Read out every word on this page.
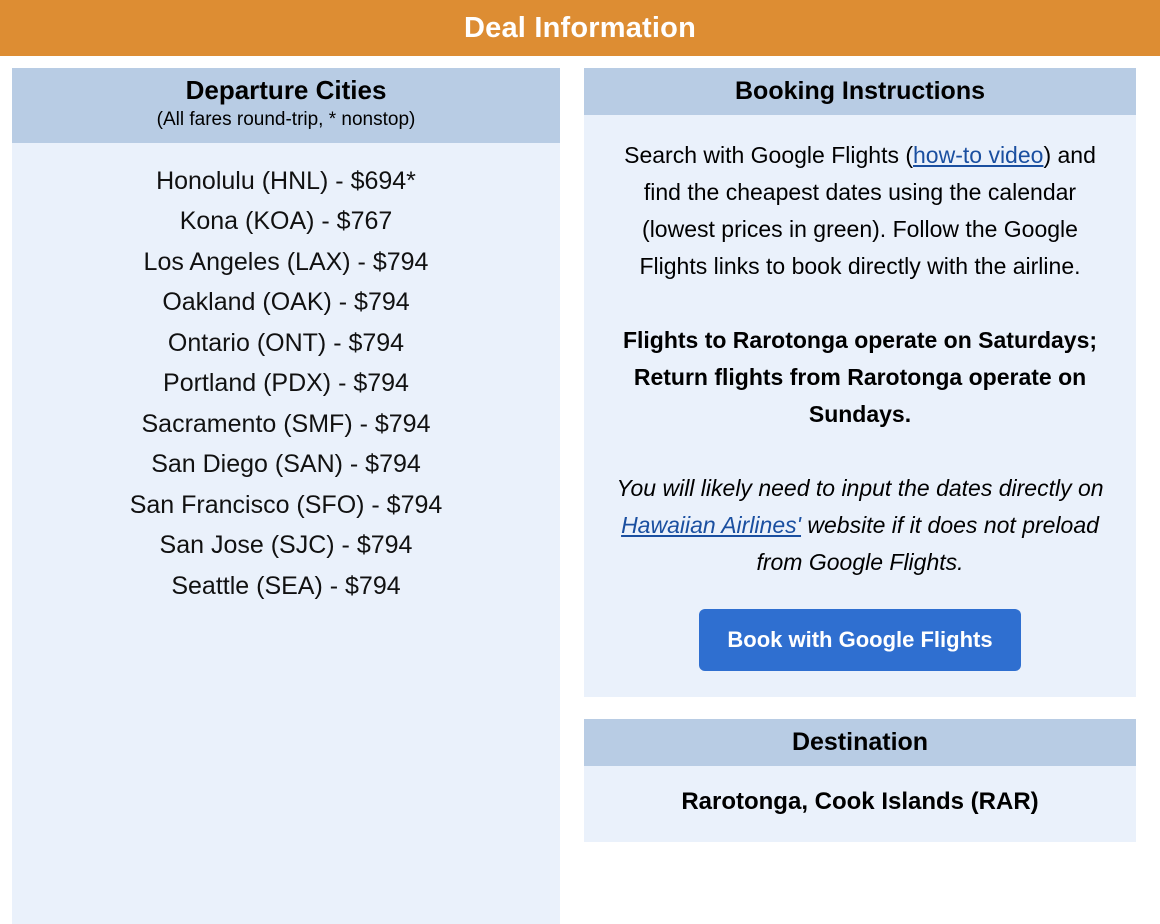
Deal Information
Departure Cities
(All fares round-trip, * nonstop)
Honolulu (HNL) - $694*
Kona (KOA) - $767
Los Angeles (LAX) - $794
Oakland (OAK) - $794
Ontario (ONT) - $794
Portland (PDX) - $794
Sacramento (SMF) - $794
San Diego (SAN) - $794
San Francisco (SFO) - $794
San Jose (SJC) - $794
Seattle (SEA) - $794
Booking Instructions

Search with Google Flights (how-to video) and find the cheapest dates using the calendar (lowest prices in green). Follow the Google Flights links to book directly with the airline.

Flights to Rarotonga operate on Saturdays; Return flights from Rarotonga operate on Sundays.

You will likely need to input the dates directly on Hawaiian Airlines' website if it does not preload from Google Flights.

Book with Google Flights
Destination
Rarotonga, Cook Islands (RAR)
